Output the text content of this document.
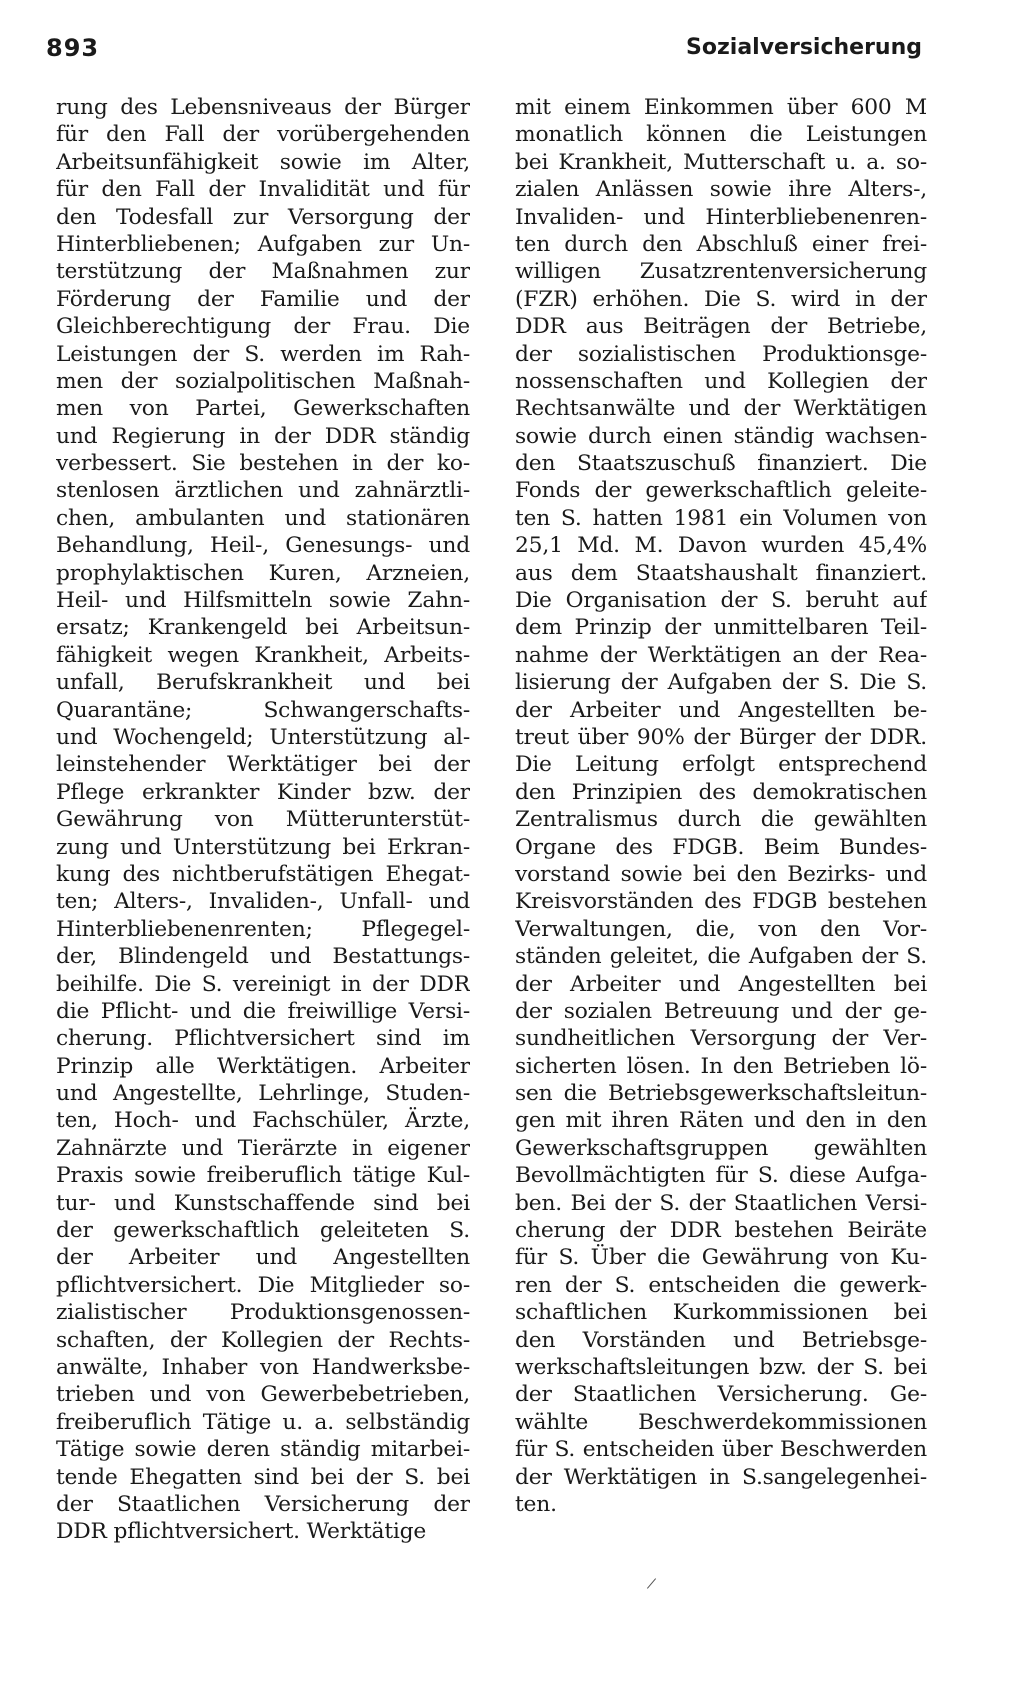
893	Sozialversicherung
rung des Lebensniveaus der Bürger
für den Fall der vorübergehenden
Arbeitsunfähigkeit sowie im Alter,
für den Fall der Invalidität und für
den Todesfall zur Versorgung der
Hinterbliebenen; Aufgaben zur Un-
terstützung der Maßnahmen zur
Förderung der Familie und der
Gleichberechtigung der Frau. Die
Leistungen der S. werden im Rah-
men der sozialpolitischen Maßnah-
men von Partei, Gewerkschaften
und Regierung in der DDR ständig
verbessert. Sie bestehen in der ko-
stenlosen ärztlichen und zahnärztli-
chen, ambulanten und stationären
Behandlung, Heil-, Genesungs- und
prophylaktischen Kuren, Arzneien,
Heil- und Hilfsmitteln sowie Zahn-
ersatz; Krankengeld bei Arbeitsun-
fähigkeit wegen Krankheit, Arbeits-
unfall, Berufskrankheit und bei
Quarantäne; Schwangerschafts-
und Wochengeld; Unterstützung al-
leinstehender Werktätiger bei der
Pflege erkrankter Kinder bzw. der
Gewährung von Mütterunterstüt-
zung und Unterstützung bei Erkran-
kung des nichtberufstätigen Ehegat-
ten; Alters-, Invaliden-, Unfall- und
Hinterbliebenenrenten; Pflegegel-
der, Blindengeld und Bestattungs-
beihilfe. Die S. vereinigt in der DDR
die Pflicht- und die freiwillige Versi-
cherung. Pflichtversichert sind im
Prinzip alle Werktätigen. Arbeiter
und Angestellte, Lehrlinge, Studen-
ten, Hoch- und Fachschüler, Ärzte,
Zahnärzte und Tierärzte in eigener
Praxis sowie freiberuflich tätige Kul-
tur- und Kunstschaffende sind bei
der gewerkschaftlich geleiteten S.
der Arbeiter und Angestellten
pflichtversichert. Die Mitglieder so-
zialistischer Produktionsgenossen-
schaften, der Kollegien der Rechts-
anwälte, Inhaber von Handwerksbe-
trieben und von Gewerbebetrieben,
freiberuflich Tätige u. a. selbständig
Tätige sowie deren ständig mitarbei-
tende Ehegatten sind bei der S. bei
der Staatlichen Versicherung der
DDR pflichtversichert. Werktätige
mit einem Einkommen über 600 M
monatlich können die Leistungen
bei Krankheit, Mutterschaft u. a. so-
zialen Anlässen sowie ihre Alters-,
Invaliden- und Hinterbliebenenren-
ten durch den Abschluß einer frei-
willigen Zusatzrentenversicherung
(FZR) erhöhen. Die S. wird in der
DDR aus Beiträgen der Betriebe,
der sozialistischen Produktionsge-
nossenschaften und Kollegien der
Rechtsanwälte und der Werktätigen
sowie durch einen ständig wachsen-
den Staatszuschuß finanziert. Die
Fonds der gewerkschaftlich geleite-
ten S. hatten 1981 ein Volumen von
25,1 Md. M. Davon wurden 45,4%
aus dem Staatshaushalt finanziert.
Die Organisation der S. beruht auf
dem Prinzip der unmittelbaren Teil-
nahme der Werktätigen an der Rea-
lisierung der Aufgaben der S. Die S.
der Arbeiter und Angestellten be-
treut über 90% der Bürger der DDR.
Die Leitung erfolgt entsprechend
den Prinzipien des demokratischen
Zentralismus durch die gewählten
Organe des FDGB. Beim Bundes-
vorstand sowie bei den Bezirks- und
Kreisvorständen des FDGB bestehen
Verwaltungen, die, von den Vor-
ständen geleitet, die Aufgaben der S.
der Arbeiter und Angestellten bei
der sozialen Betreuung und der ge-
sundheitlichen Versorgung der Ver-
sicherten lösen. In den Betrieben lö-
sen die Betriebsgewerkschaftsleitun-
gen mit ihren Räten und den in den
Gewerkschaftsgruppen gewählten
Bevollmächtigten für S. diese Aufga-
ben. Bei der S. der Staatlichen Versi-
cherung der DDR bestehen Beiräte
für S. Über die Gewährung von Ku-
ren der S. entscheiden die gewerk-
schaftlichen Kurkommissionen bei
den Vorständen und Betriebsge-
werkschaftsleitungen bzw. der S. bei
der Staatlichen Versicherung. Ge-
wählte Beschwerdekommissionen
für S. entscheiden über Beschwerden
der Werktätigen in S.sangelegenhei-
ten.
